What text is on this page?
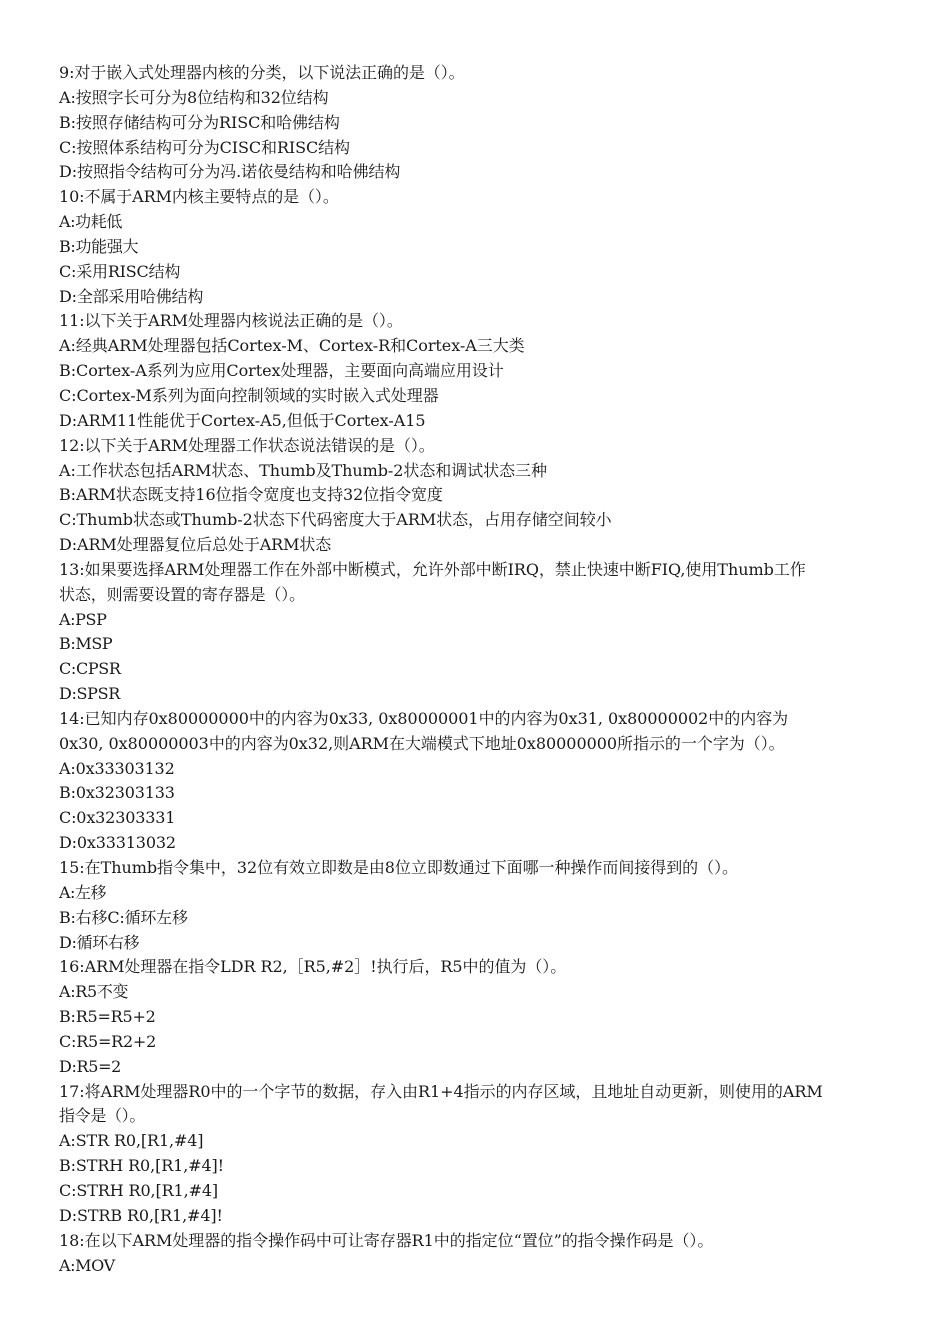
9:对于嵌入式处理器内核的分类，以下说法正确的是（）。
A:按照字长可分为8位结构和32位结构
B:按照存储结构可分为RISC和哈佛结构
C:按照体系结构可分为CISC和RISC结构
D:按照指令结构可分为冯.诺依曼结构和哈佛结构
10:不属于ARM内核主要特点的是（）。
A:功耗低
B:功能强大
C:采用RISC结构
D:全部采用哈佛结构
11:以下关于ARM处理器内核说法正确的是（）。
A:经典ARM处理器包括Cortex-M、Cortex-R和Cortex-A三大类
B:Cortex-A系列为应用Cortex处理器，主要面向高端应用设计
C:Cortex-M系列为面向控制领域的实时嵌入式处理器
D:ARM11性能优于Cortex-A5,但低于Cortex-A15
12:以下关于ARM处理器工作状态说法错误的是（）。
A:工作状态包括ARM状态、Thumb及Thumb-2状态和调试状态三种
B:ARM状态既支持16位指令宽度也支持32位指令宽度
C:Thumb状态或Thumb-2状态下代码密度大于ARM状态，占用存储空间较小
D:ARM处理器复位后总处于ARM状态
13:如果要选择ARM处理器工作在外部中断模式，允许外部中断IRQ，禁止快速中断FIQ,使用Thumb工作
状态，则需要设置的寄存器是（）。
A:PSP
B:MSP
C:CPSR
D:SPSR
14:已知内存0x80000000中的内容为0x33, 0x80000001中的内容为0x31, 0x80000002中的内容为
0x30, 0x80000003中的内容为0x32,则ARM在大端模式下地址0x80000000所指示的一个字为（）。
A:0x33303132
B:0x32303133
C:0x32303331
D:0x33313032
15:在Thumb指令集中，32位有效立即数是由8位立即数通过下面哪一种操作而间接得到的（）。
A:左移
B:右移C:循环左移
D:循环右移
16:ARM处理器在指令LDR R2,［R5,#2］!执行后，R5中的值为（）。
A:R5不变
B:R5=R5+2
C:R5=R2+2
D:R5=2
17:将ARM处理器R0中的一个字节的数据，存入由R1+4指示的内存区域，且地址自动更新，则使用的ARM
指令是（）。
A:STR R0,[R1,#4]
B:STRH R0,[R1,#4]!
C:STRH R0,[R1,#4]
D:STRB R0,[R1,#4]!
18:在以下ARM处理器的指令操作码中可让寄存器R1中的指定位“置位”的指令操作码是（）。
A:MOV
